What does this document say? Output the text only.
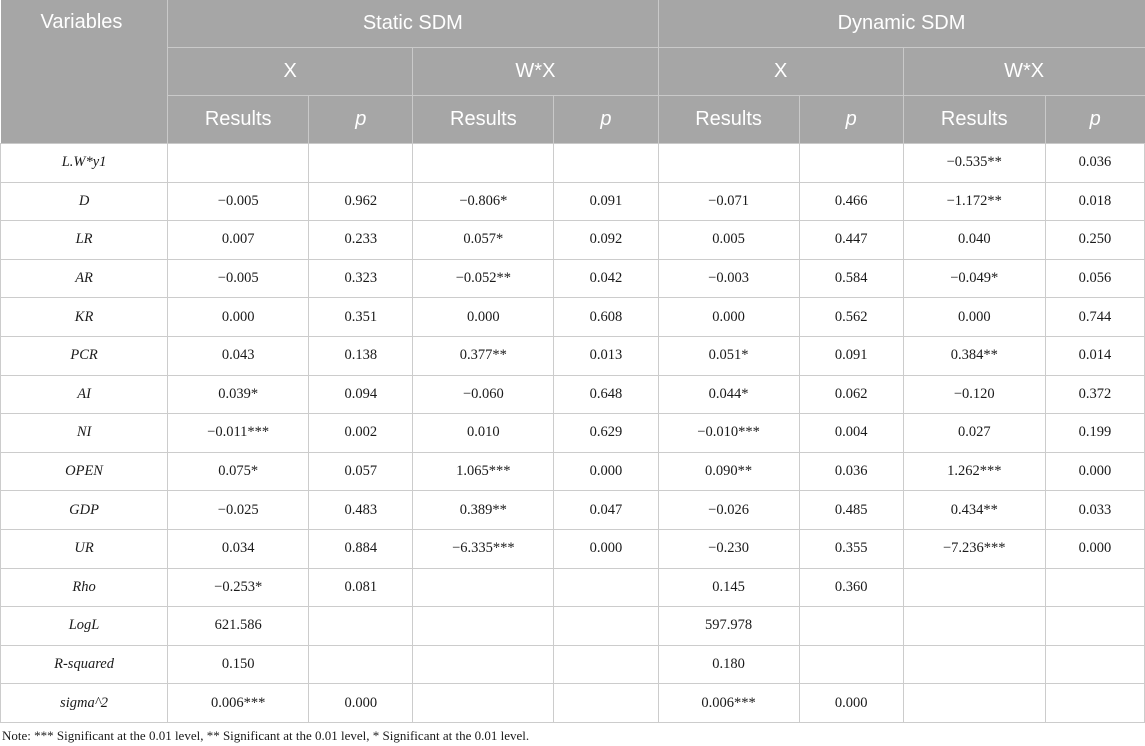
Variables	Static SDM				Dynamic SDM			
	X		W*X		X		W*X	
	Results	p	Results	p	Results	p	Results	p
L.W*y1							−0.535**	0.036
D	−0.005	0.962	−0.806*	0.091	−0.071	0.466	−1.172**	0.018
LR	0.007	0.233	0.057*	0.092	0.005	0.447	0.040	0.250
AR	−0.005	0.323	−0.052**	0.042	−0.003	0.584	−0.049*	0.056
KR	0.000	0.351	0.000	0.608	0.000	0.562	0.000	0.744
PCR	0.043	0.138	0.377**	0.013	0.051*	0.091	0.384**	0.014
AI	0.039*	0.094	−0.060	0.648	0.044*	0.062	−0.120	0.372
NI	−0.011***	0.002	0.010	0.629	−0.010***	0.004	0.027	0.199
OPEN	0.075*	0.057	1.065***	0.000	0.090**	0.036	1.262***	0.000
GDP	−0.025	0.483	0.389**	0.047	−0.026	0.485	0.434**	0.033
UR	0.034	0.884	−6.335***	0.000	−0.230	0.355	−7.236***	0.000
Rho	−0.253*	0.081			0.145	0.360		
LogL	621.586				597.978			
R-squared	0.150				0.180			
sigma^2	0.006***	0.000			0.006***	0.000		
Note: *** Significant at the 0.01 level, ** Significant at the 0.01 level, * Significant at the 0.01 level.
